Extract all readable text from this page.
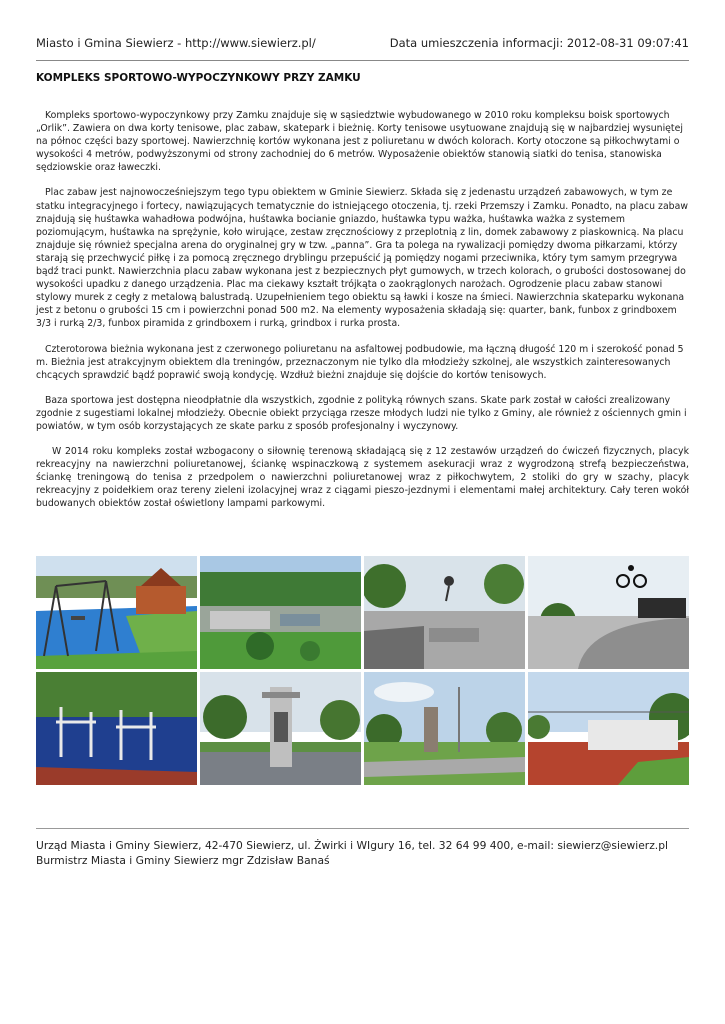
Miasto i Gmina Siewierz - http://www.siewierz.pl/	Data umieszczenia informacji: 2012-08-31 09:07:41
KOMPLEKS SPORTOWO-WYPOCZYNKOWY PRZY ZAMKU

Kompleks sportowo-wypoczynkowy przy Zamku znajduje się w sąsiedztwie wybudowanego w 2010 roku kompleksu boisk sportowych „Orlik”. Zawiera on dwa korty tenisowe, plac zabaw, skatepark i bieżnię. Korty tenisowe usytuowane znajdują się w najbardziej wysuniętej na północ części bazy sportowej. Nawierzchnię kortów wykonana jest z poliuretanu w dwóch kolorach. Korty otoczone są piłkochwytami o wysokości 4 metrów, podwyższonymi od strony zachodniej do 6 metrów. Wyposażenie obiektów stanowią siatki do tenisa, stanowiska sędziowskie oraz ławeczki.

Plac zabaw jest najnowocześniejszym tego typu obiektem w Gminie Siewierz. Składa się z jedenastu urządzeń zabawowych, w tym ze statku integracyjnego i fortecy, nawiązujących tematycznie do istniejącego otoczenia, tj. rzeki Przemszy i Zamku. Ponadto, na placu zabaw znajdują się huśtawka wahadłowa podwójna, huśtawka bocianie gniazdo, huśtawka typu ważka, huśtawka ważka z systemem poziomującym, huśtawka na sprężynie, koło wirujące, zestaw zręcznościowy z przeplotnią z lin, domek zabawowy z piaskownicą. Na placu znajduje się również specjalna arena do oryginalnej gry w tzw. „panna”. Gra ta polega na rywalizacji pomiędzy dwoma piłkarzami, którzy starają się przechwycić piłkę i za pomocą zręcznego dryblingu przepuścić ją pomiędzy nogami przeciwnika, który tym samym przegrywa bądź traci punkt. Nawierzchnia placu zabaw wykonana jest z bezpiecznych płyt gumowych, w trzech kolorach, o grubości dostosowanej do wysokości upadku z danego urządzenia. Plac ma ciekawy kształt trójkąta o zaokrąglonych narożach. Ogrodzenie placu zabaw stanowi stylowy murek z cegły z metalową balustradą. Uzupełnieniem tego obiektu są ławki i kosze na śmieci. Nawierzchnia skateparku wykonana jest z betonu o grubości 15 cm i powierzchni ponad 500 m2. Na elementy wyposażenia składają się: quarter, bank, funbox z grindboxem 3/3 i rurką 2/3, funbox piramida z grindboxem i rurką, grindbox i rurka prosta.

Czterotorowa bieżnia wykonana jest z czerwonego poliuretanu na asfaltowej podbudowie, ma łączną długość 120 m i szerokość ponad 5 m. Bieżnia jest atrakcyjnym obiektem dla treningów, przeznaczonym nie tylko dla młodzieży szkolnej, ale wszystkich zainteresowanych chcących sprawdzić bądź poprawić swoją kondycję. Wzdłuż bieżni znajduje się dojście do kortów tenisowych.

Baza sportowa jest dostępna nieodpłatnie dla wszystkich, zgodnie z polityką równych szans. Skate park został w całości zrealizowany zgodnie z sugestiami lokalnej młodzieży. Obecnie obiekt przyciąga rzesze młodych ludzi nie tylko z Gminy, ale również z ościennych gmin i powiatów, w tym osób korzystających ze skate parku z sposób profesjonalny i wyczynowy.

W 2014 roku kompleks został wzbogacony o siłownię terenową składającą się z 12 zestawów urządzeń do ćwiczeń fizycznych, placyk rekreacyjny na nawierzchni poliuretanowej, ściankę wspinaczkową z systemem asekuracji wraz z wygrodzoną strefą bezpieczeństwa, ściankę treningową do tenisa z przedpolem o nawierzchni poliuretanowej wraz z piłkochwytem, 2 stoliki do gry w szachy, placyk rekreacyjny z poidełkiem oraz tereny zieleni izolacyjnej wraz z ciągami pieszo-jezdnymi i elementami małej architektury. Cały teren wokół budowanych obiektów został oświetlony lampami parkowymi.

Urząd Miasta i Gminy Siewierz, 42-470 Siewierz, ul. Żwirki i WIgury 16, tel. 32 64 99 400, e-mail: siewierz@siewierz.pl
Burmistrz Miasta i Gminy Siewierz mgr Zdzisław Banaś
